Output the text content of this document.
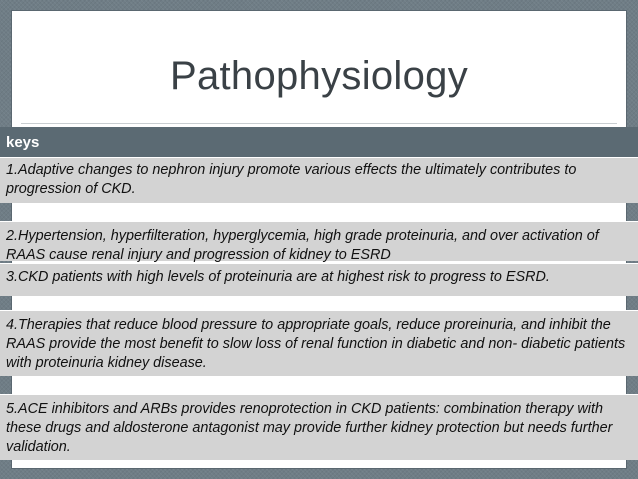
Pathophysiology
keys
1.Adaptive changes to nephron injury promote various effects the ultimately contributes to progression of CKD.
2.Hypertension, hyperfilteration, hyperglycemia, high grade proteinuria, and over activation of RAAS cause renal injury and progression of kidney to ESRD
3.CKD patients with high levels of proteinuria are at highest risk to progress to ESRD.
4.Therapies that reduce blood pressure to appropriate goals, reduce proreinuria, and inhibit the RAAS provide the most benefit to slow loss of renal function in diabetic and non- diabetic patients with proteinuria kidney disease.
5.ACE inhibitors and ARBs provides renoprotection in CKD patients: combination therapy with these drugs and aldosterone antagonist may provide further kidney protection but needs further validation.
